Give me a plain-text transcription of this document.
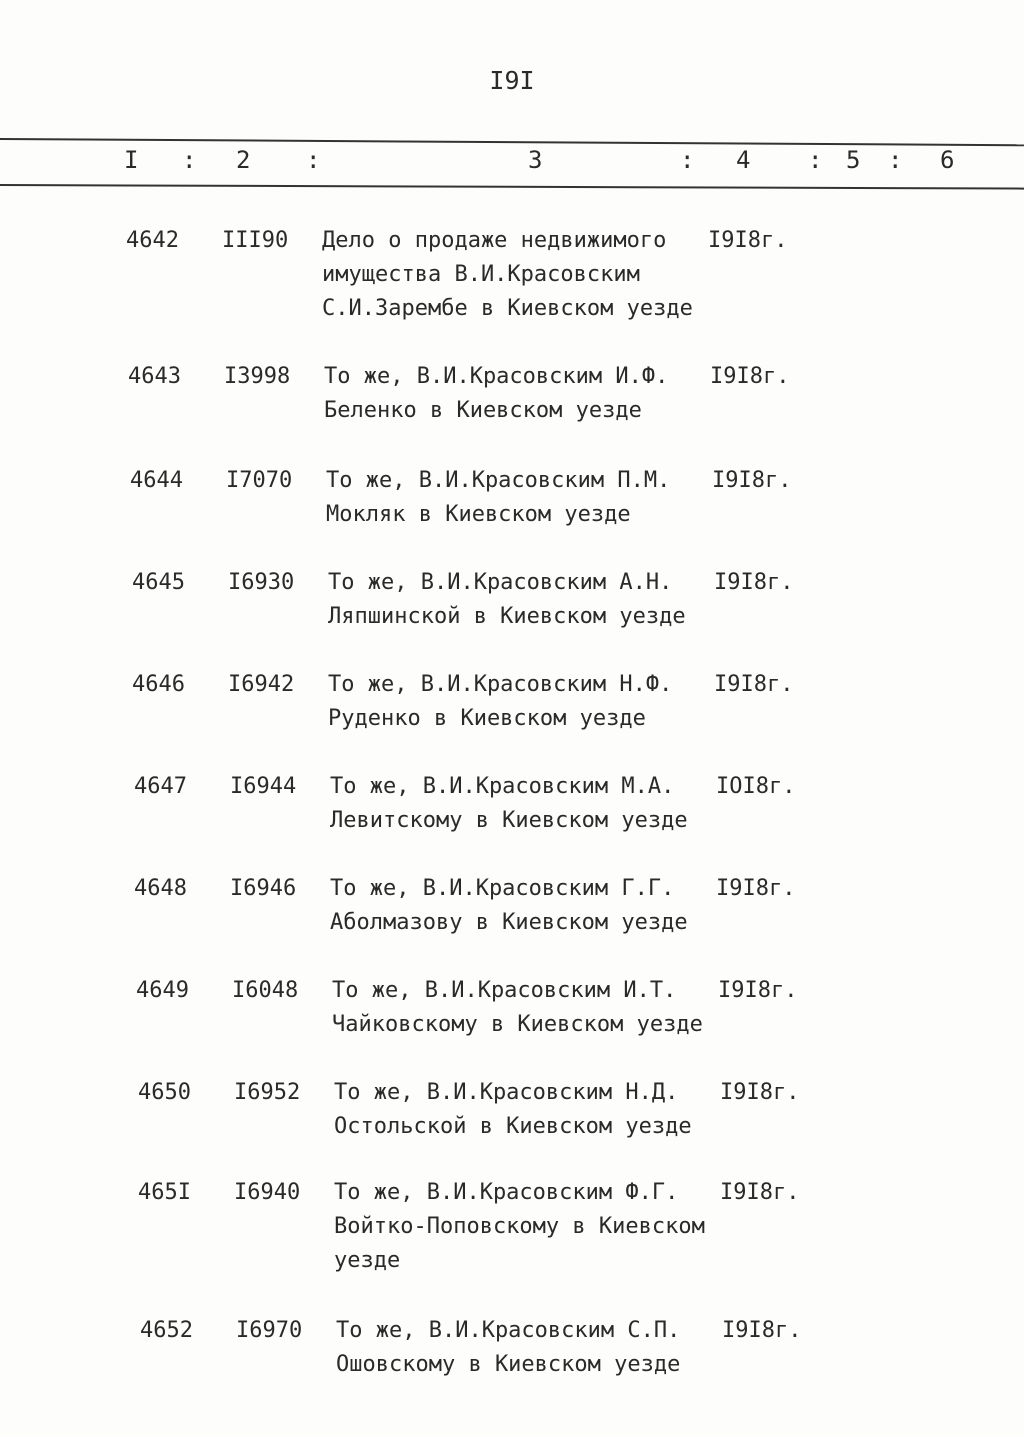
I9I
I : 2 :	3	: 4 : 5 : 6
4642 III90 Дело о продаже недвижимого
имущества В.И.Красовским
С.И.Зарембе в Киевском уезде
I9I8г.
4643 I3998 То же, В.И.Красовским И.Ф.
Беленко в Киевском уезде
I9I8г.
4644 I7070 То же, В.И.Красовским П.М.
Мокляк в Киевском уезде
I9I8г.
4645 I6930 То же, В.И.Красовским А.Н.
Ляпшинской в Киевском уезде
I9I8г.
4646 I6942 То же, В.И.Красовским Н.Ф.
Руденко в Киевском уезде
I9I8г.
4647 I6944 То же, В.И.Красовским М.А.
Левитскому в Киевском уезде
IOI8г.
4648 I6946 То же, В.И.Красовским Г.Г.
Аболмазову в Киевском уезде
I9I8г.
4649 I6048 То же, В.И.Красовским И.Т.
Чайковскому в Киевском уезде
I9I8г.
4650 I6952 То же, В.И.Красовским Н.Д.
Остольской в Киевском уезде
I9I8г.
465I I6940 То же, В.И.Красовским Ф.Г.
Войтко-Поповскому в Киевском
уезде
I9I8г.
4652 I6970 То же, В.И.Красовским С.П.
Ошовскому в Киевском уезде
I9I8г.
